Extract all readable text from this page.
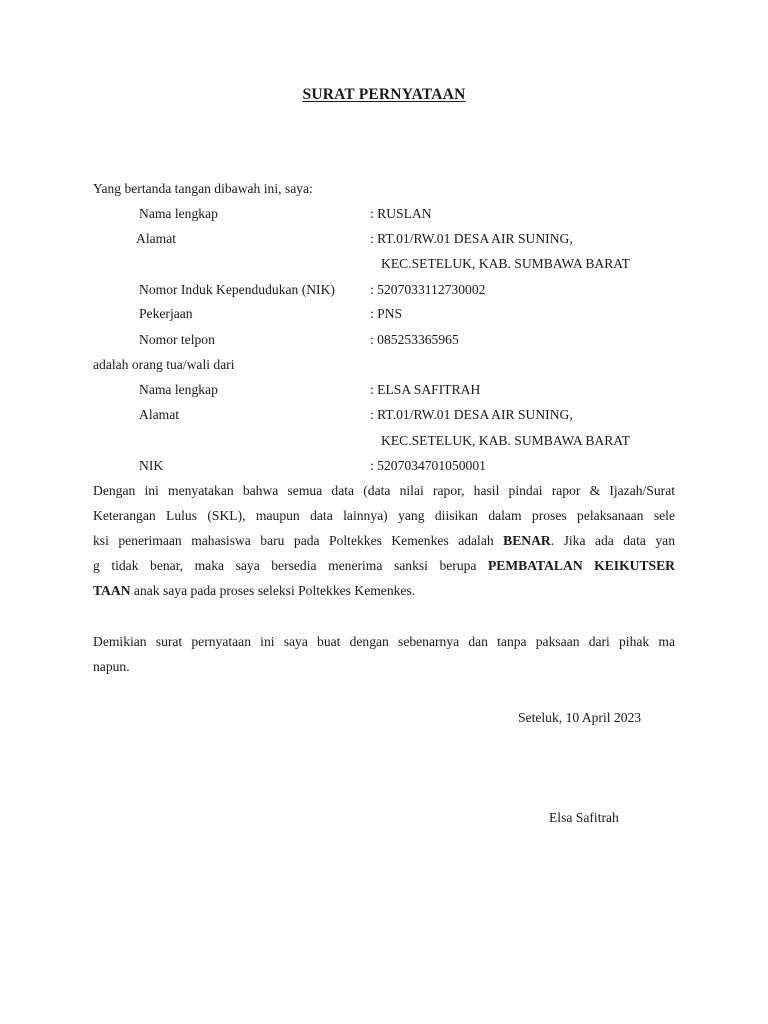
SURAT PERNYATAAN
Yang bertanda tangan dibawah ini, saya:
Nama lengkap	: RUSLAN
Alamat	: RT.01/RW.01 DESA AIR SUNING,
KEC.SETELUK, KAB. SUMBAWA BARAT
Nomor Induk Kependudukan (NIK)	: 5207033112730002
Pekerjaan	: PNS
Nomor telpon	: 085253365965
adalah orang tua/wali dari
Nama lengkap	: ELSA SAFITRAH
Alamat	: RT.01/RW.01 DESA AIR SUNING,
KEC.SETELUK, KAB. SUMBAWA BARAT
NIK	: 5207034701050001
Dengan ini menyatakan bahwa semua data (data nilai rapor, hasil pindai rapor & Ijazah/Surat
Keterangan Lulus (SKL), maupun data lainnya) yang diisikan dalam proses pelaksanaan sele
ksi penerimaan mahasiswa baru pada Poltekkes Kemenkes adalah BENAR. Jika ada data yan
g tidak benar, maka saya bersedia menerima sanksi berupa PEMBATALAN KEIKUTSER
TAAN anak saya pada proses seleksi Poltekkes Kemenkes.
Demikian surat pernyataan ini saya buat dengan sebenarnya dan tanpa paksaan dari pihak ma
napun.
Seteluk, 10 April 2023
Elsa Safitrah
